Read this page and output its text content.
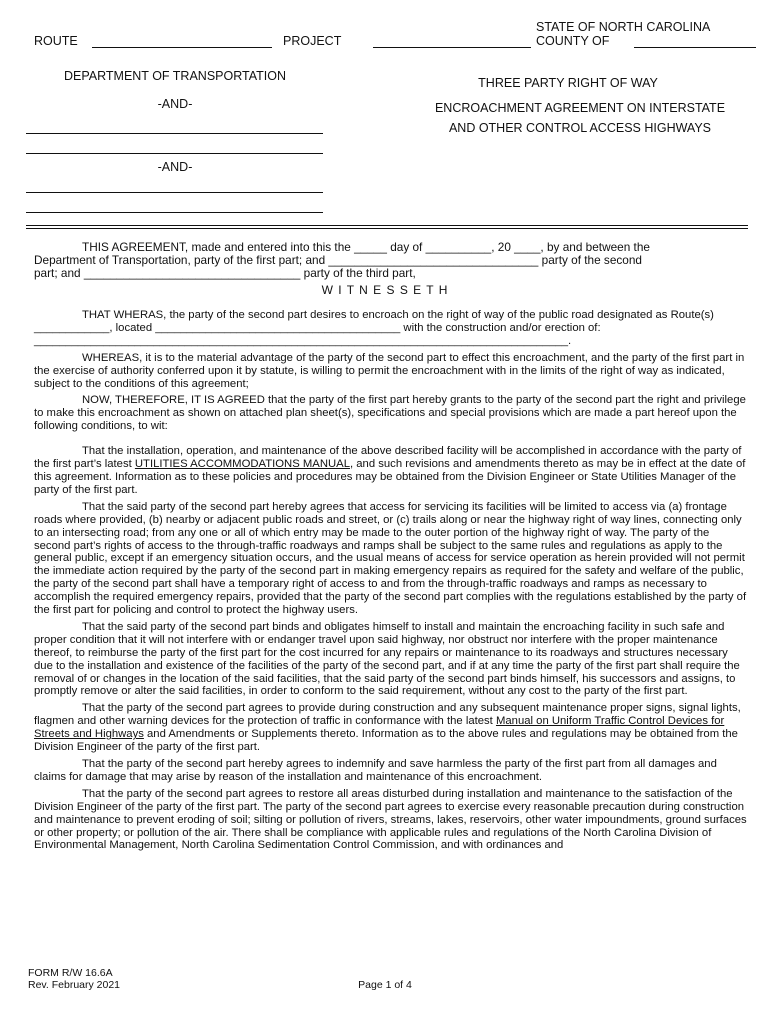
ROUTE	PROJECT
STATE OF NORTH CAROLINA
COUNTY OF
DEPARTMENT OF TRANSPORTATION
-AND-
-AND-
THREE PARTY RIGHT OF WAY
ENCROACHMENT AGREEMENT ON INTERSTATE
AND OTHER CONTROL ACCESS HIGHWAYS
THIS AGREEMENT, made and entered into this the _____ day of __________, 20 ____, by and between the
Department of Transportation, party of the first part; and ________________________________ party of the second
part; and _________________________________ party of the third part,
W I T N E S S E T H

THAT WHERAS, the party of the second part desires to encroach on the right of way of the public road designated as Route(s) ____________, located _______________________________________ with the construction and/or erection of: _____________________________________________________________________________________.

WHEREAS, it is to the material advantage of the party of the second part to effect this encroachment, and the party of the first part in the exercise of authority conferred upon it by statute, is willing to permit the encroachment with in the limits of the right of way as indicated, subject to the conditions of this agreement;

NOW, THEREFORE, IT IS AGREED that the party of the first part hereby grants to the party of the second part the right and privilege to make this encroachment as shown on attached plan sheet(s), specifications and special provisions which are made a part hereof upon the following conditions, to wit:

That the installation, operation, and maintenance of the above described facility will be accomplished in accordance with the party of the first part’s latest UTILITIES ACCOMMODATIONS MANUAL, and such revisions and amendments thereto as may be in effect at the date of this agreement. Information as to these policies and procedures may be obtained from the Division Engineer or State Utilities Manager of the party of the first part.

That the said party of the second part hereby agrees that access for servicing its facilities will be limited to access via (a) frontage roads where provided, (b) nearby or adjacent public roads and street, or (c) trails along or near the highway right of way lines, connecting only to an intersecting road; from any one or all of which entry may be made to the outer portion of the highway right of way. The party of the second part’s rights of access to the through-traffic roadways and ramps shall be subject to the same rules and regulations as apply to the general public, except if an emergency situation occurs, and the usual means of access for service operation as herein provided will not permit the immediate action required by the party of the second part in making emergency repairs as required for the safety and welfare of the public, the party of the second part shall have a temporary right of access to and from the through-traffic roadways and ramps as necessary to accomplish the required emergency repairs, provided that the party of the second part complies with the regulations established by the party of the first part for policing and control to protect the highway users.

That the said party of the second part binds and obligates himself to install and maintain the encroaching facility in such safe and proper condition that it will not interfere with or endanger travel upon said highway, nor obstruct nor interfere with the proper maintenance thereof, to reimburse the party of the first part for the cost incurred for any repairs or maintenance to its roadways and structures necessary due to the installation and existence of the facilities of the party of the second part, and if at any time the party of the first part shall require the removal of or changes in the location of the said facilities, that the said party of the second part binds himself, his successors and assigns, to promptly remove or alter the said facilities, in order to conform to the said requirement, without any cost to the party of the first part.

That the party of the second part agrees to provide during construction and any subsequent maintenance proper signs, signal lights, flagmen and other warning devices for the protection of traffic in conformance with the latest Manual on Uniform Traffic Control Devices for Streets and Highways and Amendments or Supplements thereto. Information as to the above rules and regulations may be obtained from the Division Engineer of the party of the first part.

That the party of the second part hereby agrees to indemnify and save harmless the party of the first part from all damages and claims for damage that may arise by reason of the installation and maintenance of this encroachment.

That the party of the second part agrees to restore all areas disturbed during installation and maintenance to the satisfaction of the Division Engineer of the party of the first part. The party of the second part agrees to exercise every reasonable precaution during construction and maintenance to prevent eroding of soil; silting or pollution of rivers, streams, lakes, reservoirs, other water impoundments, ground surfaces or other property; or pollution of the air. There shall be compliance with applicable rules and regulations of the North Carolina Division of Environmental Management, North Carolina Sedimentation Control Commission, and with ordinances and

FORM R/W 16.6A
Rev. February 2021	Page 1 of 4
